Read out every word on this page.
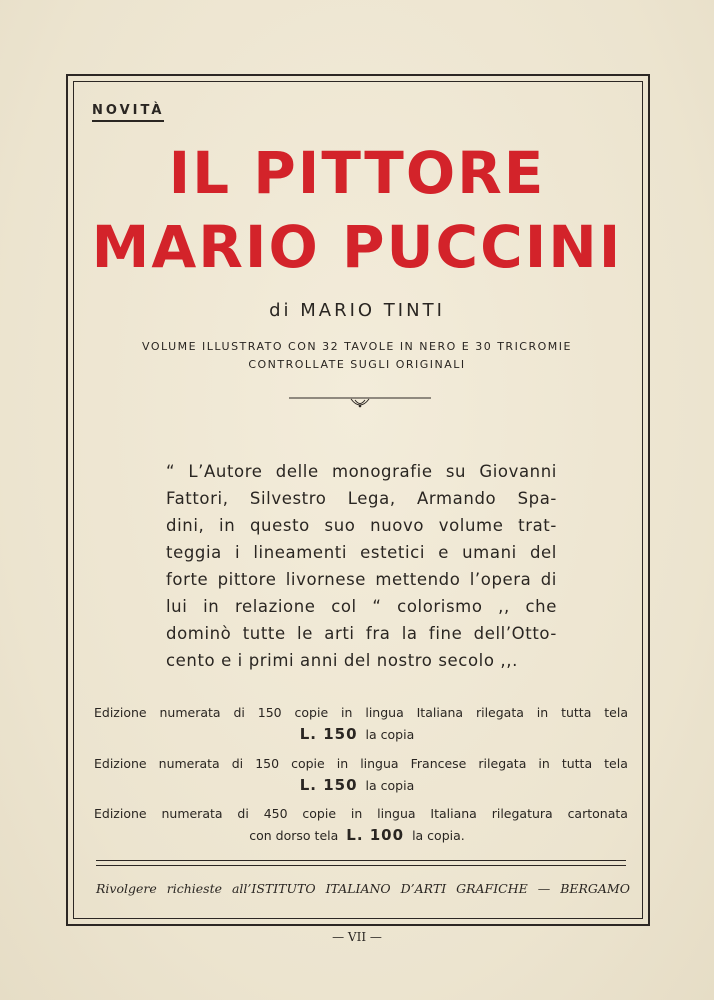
NOVITÀ
IL PITTORE
MARIO PUCCINI
di MARIO TINTI
VOLUME ILLUSTRATO CON 32 TAVOLE IN NERO E 30 TRICROMIE
CONTROLLATE SUGLI ORIGINALI
“ L’Autore delle monografie su Giovanni
Fattori, Silvestro Lega, Armando Spa-
dini, in questo suo nuovo volume trat-
teggia i lineamenti estetici e umani del
forte pittore livornese mettendo l’opera di
lui in relazione col “ colorismo ,, che
dominò tutte le arti fra la fine dell’Otto-
cento e i primi anni del nostro secolo ,,.
Edizione numerata di 150 copie in lingua Italiana rilegata in tutta tela
L. 150 la copia
Edizione numerata di 150 copie in lingua Francese rilegata in tutta tela
L. 150 la copia
Edizione numerata di 450 copie in lingua Italiana rilegatura cartonata
con dorso tela L. 100 la copia.
Rivolgere richieste all’ISTITUTO ITALIANO D’ARTI GRAFICHE — BERGAMO
— VII —
